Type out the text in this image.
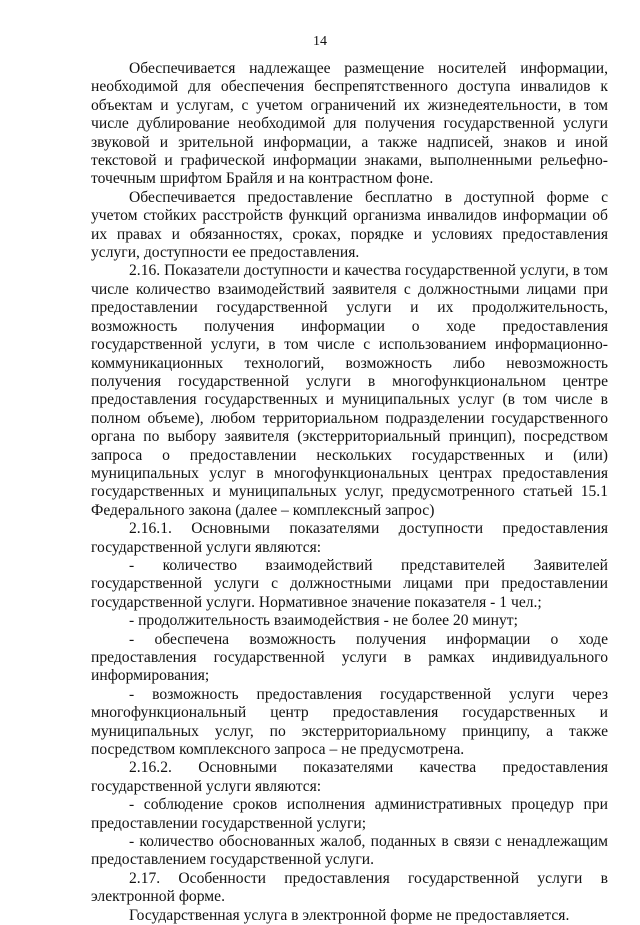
14

Обеспечивается надлежащее размещение носителей информации, необходимой для обеспечения беспрепятственного доступа инвалидов к объектам и услугам, с учетом ограничений их жизнедеятельности, в том числе дублирование необходимой для получения государственной услуги звуковой и зрительной информации, а также надписей, знаков и иной текстовой и графической информации знаками, выполненными рельефно-точечным шрифтом Брайля и на контрастном фоне.

Обеспечивается предоставление бесплатно в доступной форме с учетом стойких расстройств функций организма инвалидов информации об их правах и обязанностях, сроках, порядке и условиях предоставления услуги, доступности ее предоставления.

2.16. Показатели доступности и качества государственной услуги, в том числе количество взаимодействий заявителя с должностными лицами при предоставлении государственной услуги и их продолжительность, возможность получения информации о ходе предоставления государственной услуги, в том числе с использованием информационно-коммуникационных технологий, возможность либо невозможность получения государственной услуги в многофункциональном центре предоставления государственных и муниципальных услуг (в том числе в полном объеме), любом территориальном подразделении государственного органа по выбору заявителя (экстерриториальный принцип), посредством запроса о предоставлении нескольких государственных и (или) муниципальных услуг в многофункциональных центрах предоставления государственных и муниципальных услуг, предусмотренного статьей 15.1 Федерального закона (далее – комплексный запрос)

2.16.1. Основными показателями доступности предоставления государственной услуги являются:

- количество взаимодействий представителей Заявителей государственной услуги с должностными лицами при предоставлении государственной услуги. Нормативное значение показателя - 1 чел.;

- продолжительность взаимодействия - не более 20 минут;

- обеспечена возможность получения информации о ходе предоставления государственной услуги в рамках индивидуального информирования;

- возможность предоставления государственной услуги через многофункциональный центр предоставления государственных и муниципальных услуг, по экстерриториальному принципу, а также посредством комплексного запроса – не предусмотрена.

2.16.2. Основными показателями качества предоставления государственной услуги являются:

- соблюдение сроков исполнения административных процедур при предоставлении государственной услуги;

- количество обоснованных жалоб, поданных в связи с ненадлежащим предоставлением государственной услуги.

2.17. Особенности предоставления государственной услуги в электронной форме.

Государственная услуга в электронной форме не предоставляется.
